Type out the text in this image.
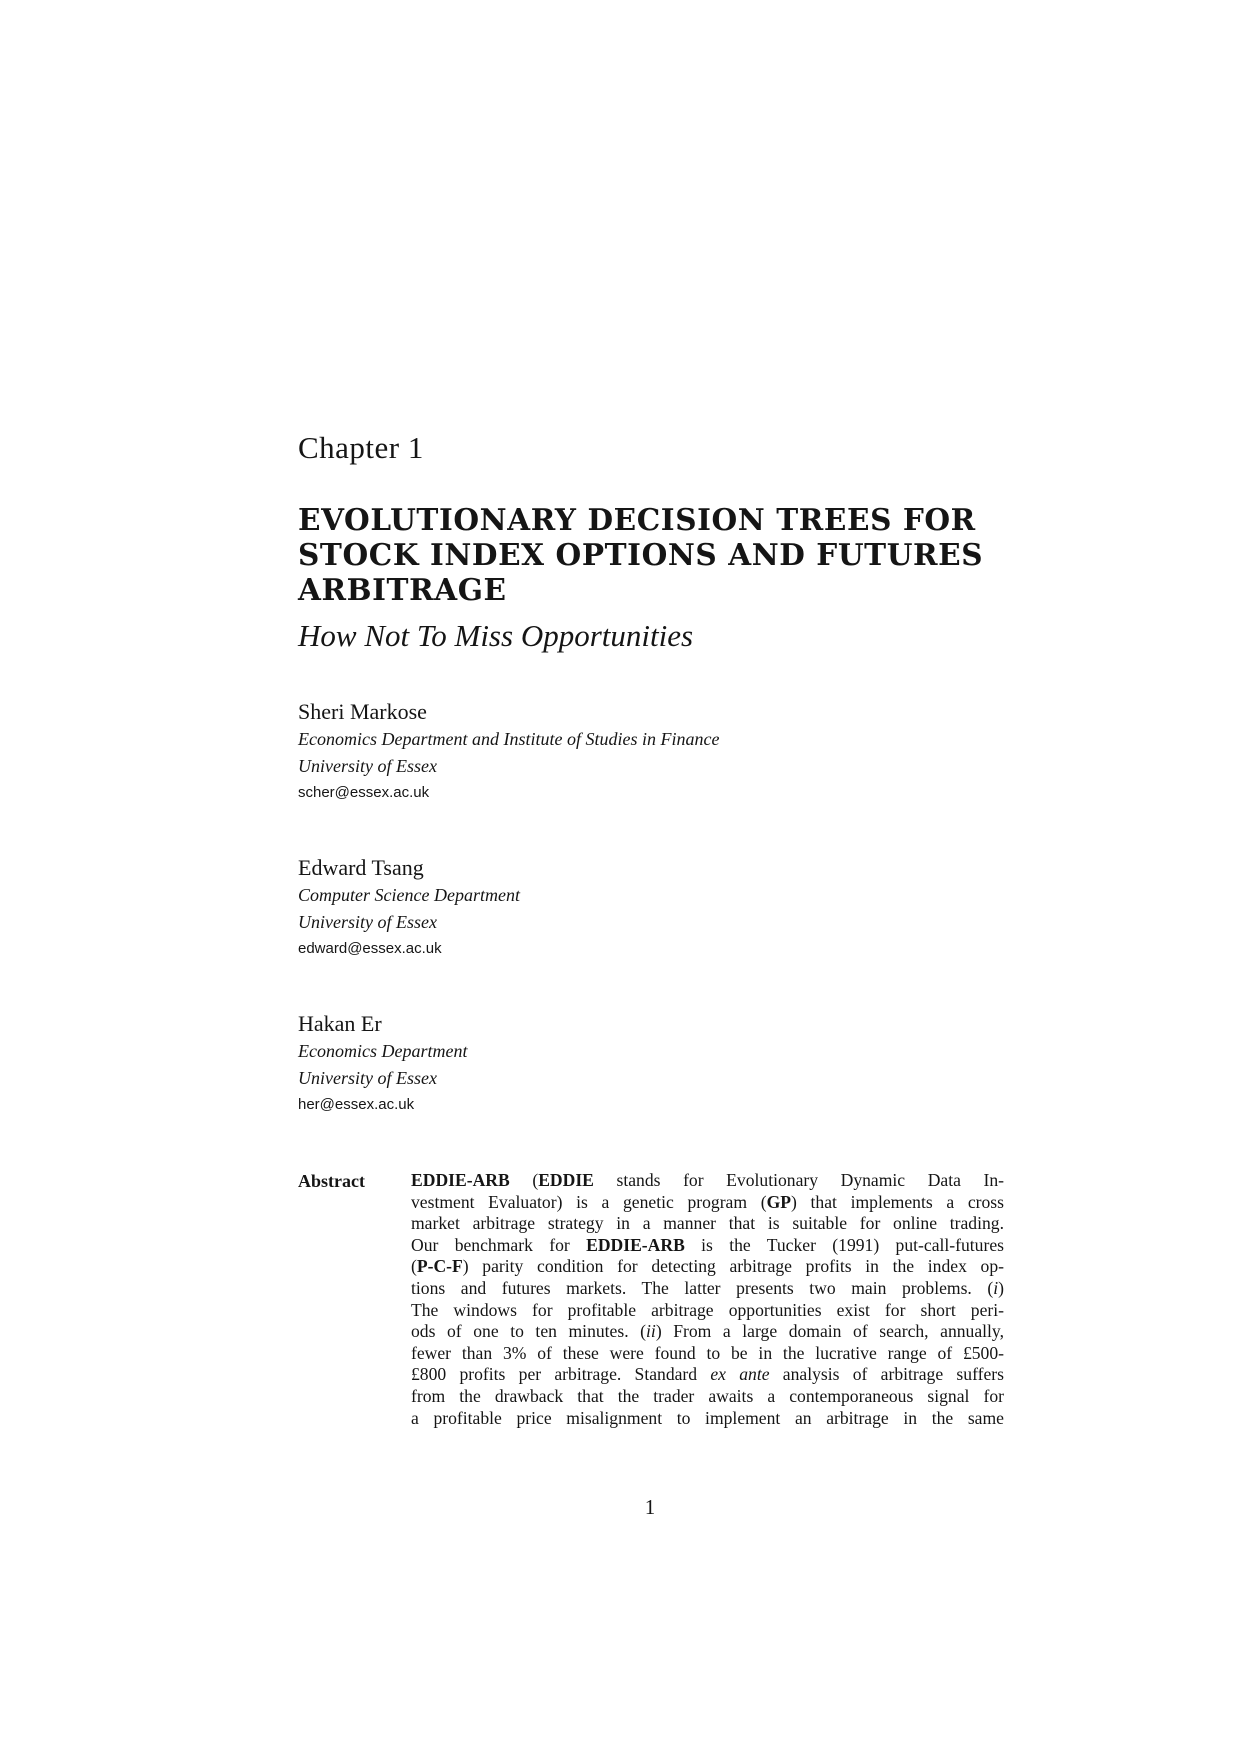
Chapter 1
EVOLUTIONARY DECISION TREES FOR
STOCK INDEX OPTIONS AND FUTURES
ARBITRAGE
How Not To Miss Opportunities
Sheri Markose
Economics Department and Institute of Studies in Finance
University of Essex
scher@essex.ac.uk
Edward Tsang
Computer Science Department
University of Essex
edward@essex.ac.uk
Hakan Er
Economics Department
University of Essex
her@essex.ac.uk
Abstract	EDDIE-ARB (EDDIE stands for Evolutionary Dynamic Data In-
vestment Evaluator) is a genetic program (GP) that implements a cross
market arbitrage strategy in a manner that is suitable for online trading.
Our benchmark for EDDIE-ARB is the Tucker (1991) put-call-futures
(P-C-F) parity condition for detecting arbitrage profits in the index op-
tions and futures markets. The latter presents two main problems. (i)
The windows for profitable arbitrage opportunities exist for short peri-
ods of one to ten minutes. (ii) From a large domain of search, annually,
fewer than 3% of these were found to be in the lucrative range of £500-
£800 profits per arbitrage. Standard ex ante analysis of arbitrage suffers
from the drawback that the trader awaits a contemporaneous signal for
a profitable price misalignment to implement an arbitrage in the same
1
